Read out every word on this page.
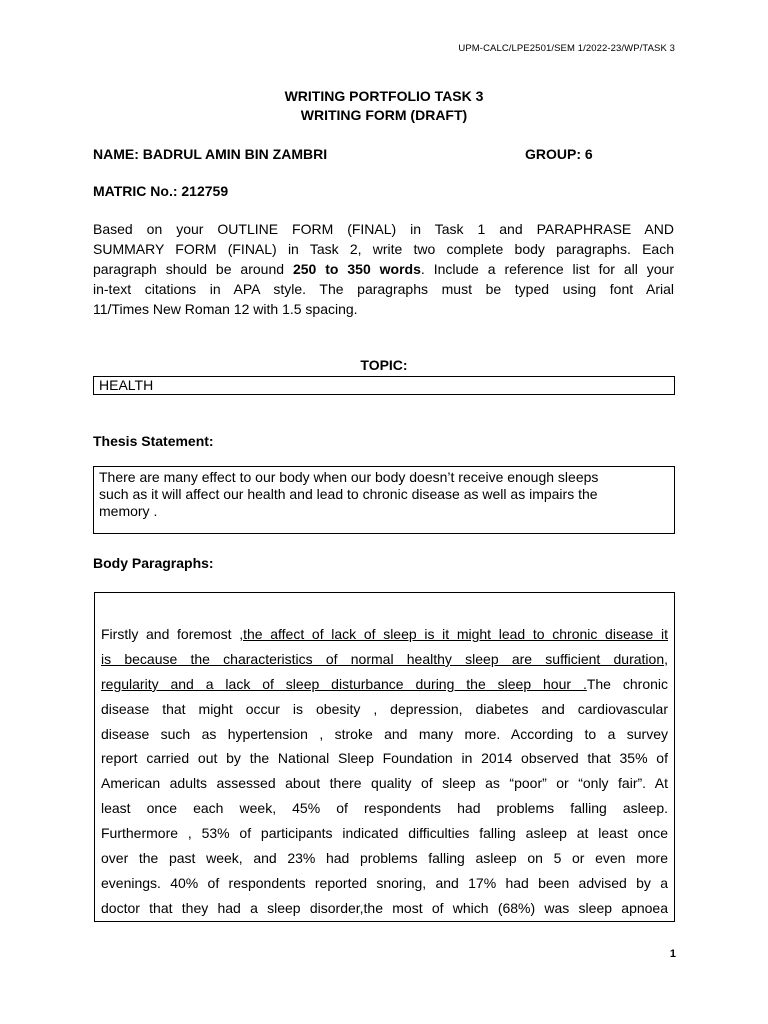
UPM-CALC/LPE2501/SEM 1/2022-23/WP/TASK 3
WRITING PORTFOLIO TASK 3
WRITING FORM (DRAFT)
NAME: BADRUL AMIN BIN ZAMBRI	GROUP: 6
MATRIC No.: 212759
Based on your OUTLINE FORM (FINAL) in Task 1 and PARAPHRASE AND
SUMMARY FORM (FINAL) in Task 2, write two complete body paragraphs. Each
paragraph should be around 250 to 350 words. Include a reference list for all your
in-text citations in APA style. The paragraphs must be typed using font Arial
11/Times New Roman 12 with 1.5 spacing.
TOPIC:
HEALTH
Thesis Statement:
There are many effect to our body when our body doesn’t receive enough sleeps
such as it will affect our health and lead to chronic disease as well as impairs the
memory .
Body Paragraphs:
Firstly and foremost ,the affect of lack of sleep is it might lead to chronic disease it
is because the characteristics of normal healthy sleep are sufficient duration,
regularity and a lack of sleep disturbance during the sleep hour .The chronic
disease that might occur is obesity , depression, diabetes and cardiovascular
disease such as hypertension , stroke and many more. According to a survey
report carried out by the National Sleep Foundation in 2014 observed that 35% of
American adults assessed about there quality of sleep as “poor” or “only fair”. At
least once each week, 45% of respondents had problems falling asleep.
Furthermore , 53% of participants indicated difficulties falling asleep at least once
over the past week, and 23% had problems falling asleep on 5 or even more
evenings. 40% of respondents reported snoring, and 17% had been advised by a
doctor that they had a sleep disorder,the most of which (68%) was sleep apnoea
1
